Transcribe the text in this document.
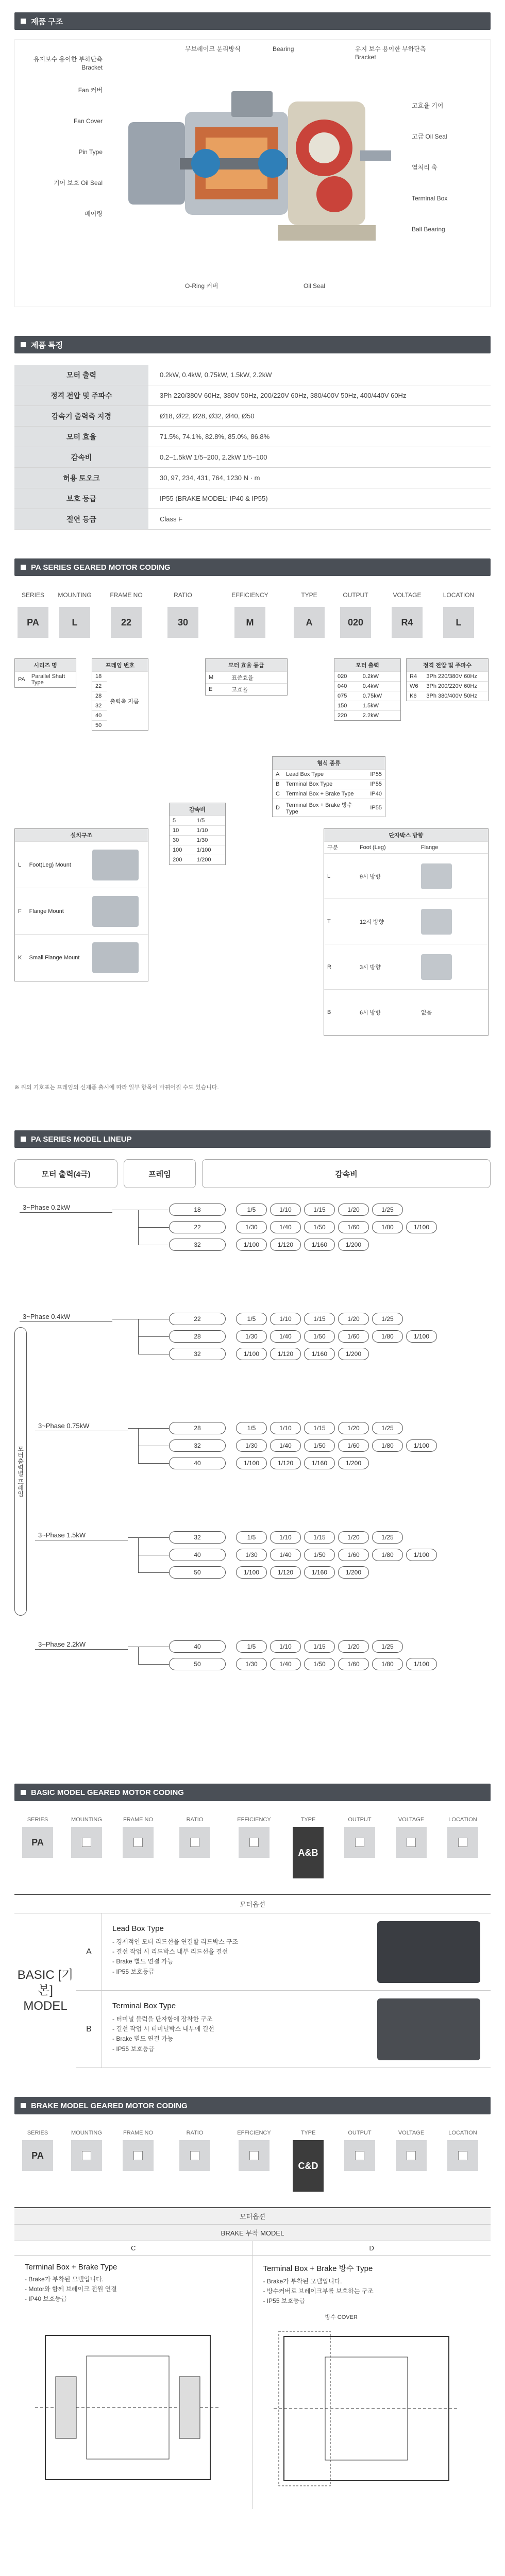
제품 구조
유지보수 용이한 부하단측 Bracket
Fan 커버
Fan Cover
Pin Type
기어 보호 Oil Seal
베어링
무브레이크 분리방식	Bearing	유지 보수 용이한 부하단측 Bracket
고효율 기어
고급 Oil Seal
열처리 축
Terminal Box
Ball Bearing
O-Ring 커버	Oil Seal
제품 특징
모터 출력	0.2kW, 0.4kW, 0.75kW, 1.5kW, 2.2kW
정격 전압 및 주파수	3Ph 220/380V 60Hz, 380V 50Hz, 200/220V 60Hz, 380/400V 50Hz, 400/440V 60Hz
감속기 출력축 지경	Ø18, Ø22, Ø28, Ø32, Ø40, Ø50
모터 효율	71.5%, 74.1%, 82.8%, 85.0%, 86.8%
감속비	0.2~1.5kW 1/5~200, 2.2kW 1/5~100
허용 토오크	30, 97, 234, 431, 764, 1230 N · m
보호 등급	IP55 (BRAKE MODEL: IP40 & IP55)
절연 등급	Class F
PA SERIES GEARED MOTOR CODING
SERIES	MOUNTING	FRAME NO	RATIO	EFFICIENCY	TYPE	OUTPUT	VOLTAGE	LOCATION
PA	L	22	30	M	A	020	R4	L
시리즈 명
PA	Parallel Shaft Type
프레임 번호
18	출력축 지름
22
28
32
40
50
모터 효율 등급
M	표준효율
E	고효율
모터 출력
020	0.2kW
040	0.4kW
075	0.75kW
150	1.5kW
220	2.2kW
정격 전압 및 주파수
R4	3Ph 220/380V 60Hz
W6	3Ph 200/220V 60Hz
K6	3Ph 380/400V 50Hz
형식 종류
A	Lead Box Type	IP55
B	Terminal Box Type	IP55
C	Terminal Box + Brake Type	IP40
D	Terminal Box + Brake 방수 Type	IP55
설치구조
L	Foot(Leg) Mount	

F	Flange Mount	

K	Small Flange Mount	
감속비
5	1/5
10	1/10
30	1/30
100	1/100
200	1/200
단자박스 방향
구분	Foot (Leg)	Flange
L	9시 방향	

T	12시 방향	

R	3시 방향	

B	6시 방향	없음
※ 위의 기호표는 프레임의 신제품 출시에 따라 일부 항목이 바뀌어질 수도 있습니다.
PA SERIES MODEL LINEUP
모터 출력(4극)	프레임	감속비
모터출력별 프레임
3~Phase 0.2kW	18	1/5	1/10	1/15	1/20	1/25
22	1/30	1/40	1/50	1/60	1/80	1/100
32	1/100	1/120	1/160	1/200
3~Phase 0.4kW	22	1/5	1/10	1/15	1/20	1/25
28	1/30	1/40	1/50	1/60	1/80	1/100
32	1/100	1/120	1/160	1/200
3~Phase 0.75kW	28	1/5	1/10	1/15	1/20	1/25
32	1/30	1/40	1/50	1/60	1/80	1/100
40	1/100	1/120	1/160	1/200
3~Phase 1.5kW	32	1/5	1/10	1/15	1/20	1/25
40	1/30	1/40	1/50	1/60	1/80	1/100
50	1/100	1/120	1/160	1/200
3~Phase 2.2kW	40	1/5	1/10	1/15	1/20	1/25
50	1/30	1/40	1/50	1/60	1/80	1/100
BASIC MODEL GEARED MOTOR CODING
SERIES	MOUNTING	FRAME NO	RATIO	EFFICIENCY	TYPE	OUTPUT	VOLTAGE	LOCATION
PA
A&B
모터옵션
BASIC [기본] MODEL
A
Lead Box Type
- 경제적인 모터 리드선을 연결할 리드박스 구조
- 결선 작업 시 리드박스 내부 리드선을 결선
- Brake 별도 연결 가능
- IP55 보호등급
B
Terminal Box Type
- 터미널 블럭을 단자함에 장착한 구조
- 결선 작업 시 터미널박스 내부에 결선
- Brake 별도 연결 가능
- IP55 보호등급
BRAKE MODEL GEARED MOTOR CODING
SERIES	MOUNTING	FRAME NO	RATIO	EFFICIENCY	TYPE	OUTPUT	VOLTAGE	LOCATION
PA
C&D
모터옵션
BRAKE 부착 MODEL
C	D
Terminal Box + Brake Type
- Brake가 부착된 모델입니다.
- Motor와 함께 브레이크 전원 연결
- IP40 보호등급
Terminal Box + Brake 방수 Type
- Brake가 부착된 모델입니다.
- 방수커버로 브레이크부를 보호하는 구조
- IP55 보호등급
방수 COVER
